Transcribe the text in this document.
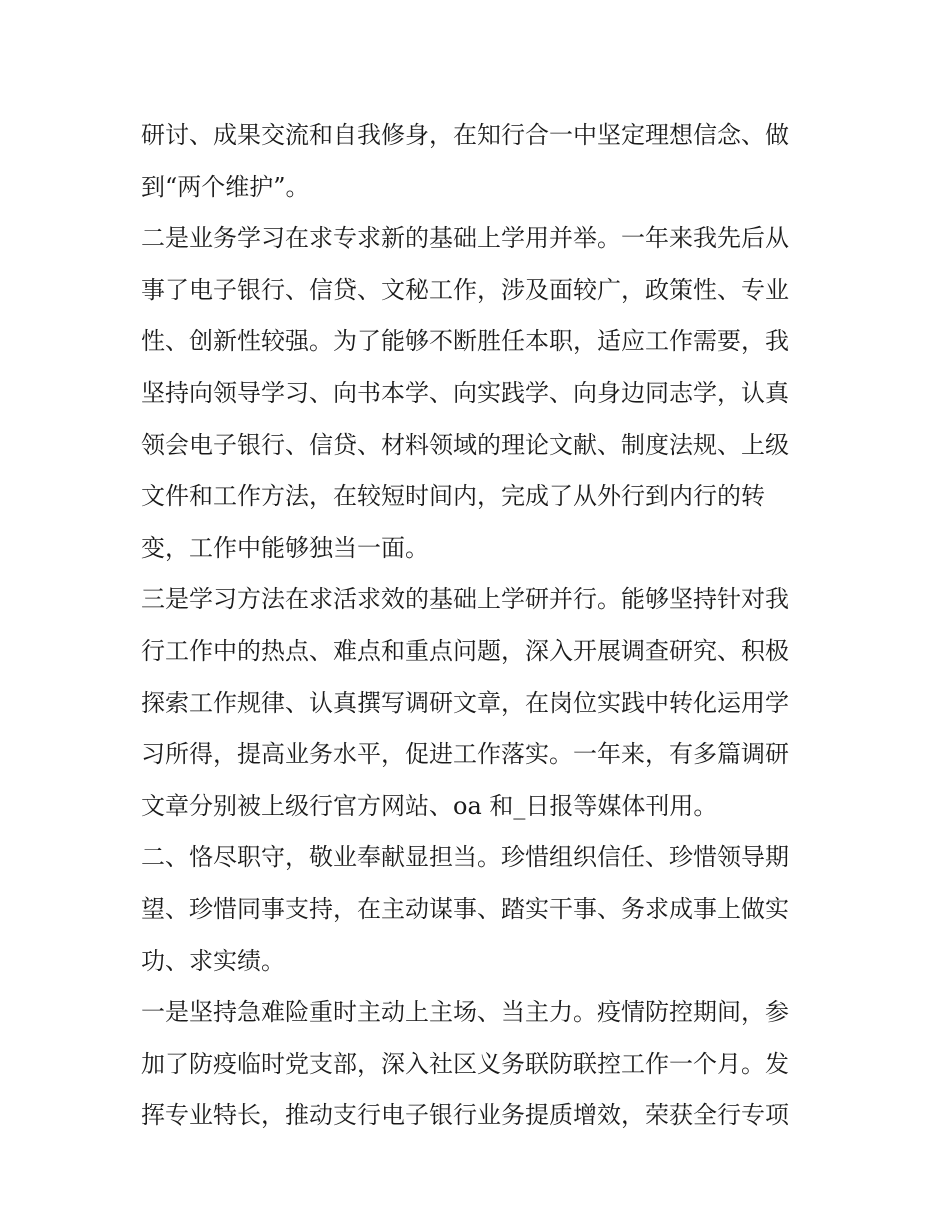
研讨、成果交流和自我修身，在知行合一中坚定理想信念、做
到“两个维护”。
二是业务学习在求专求新的基础上学用并举。一年来我先后从
事了电子银行、信贷、文秘工作，涉及面较广，政策性、专业
性、创新性较强。为了能够不断胜任本职，适应工作需要，我
坚持向领导学习、向书本学、向实践学、向身边同志学，认真
领会电子银行、信贷、材料领域的理论文献、制度法规、上级
文件和工作方法，在较短时间内，完成了从外行到内行的转
变，工作中能够独当一面。
三是学习方法在求活求效的基础上学研并行。能够坚持针对我
行工作中的热点、难点和重点问题，深入开展调查研究、积极
探索工作规律、认真撰写调研文章，在岗位实践中转化运用学
习所得，提高业务水平，促进工作落实。一年来，有多篇调研
文章分别被上级行官方网站、oa 和_日报等媒体刊用。
二、恪尽职守，敬业奉献显担当。珍惜组织信任、珍惜领导期
望、珍惜同事支持，在主动谋事、踏实干事、务求成事上做实
功、求实绩。
一是坚持急难险重时主动上主场、当主力。疫情防控期间，参
加了防疫临时党支部，深入社区义务联防联控工作一个月。发
挥专业特长，推动支行电子银行业务提质增效，荣获全行专项
